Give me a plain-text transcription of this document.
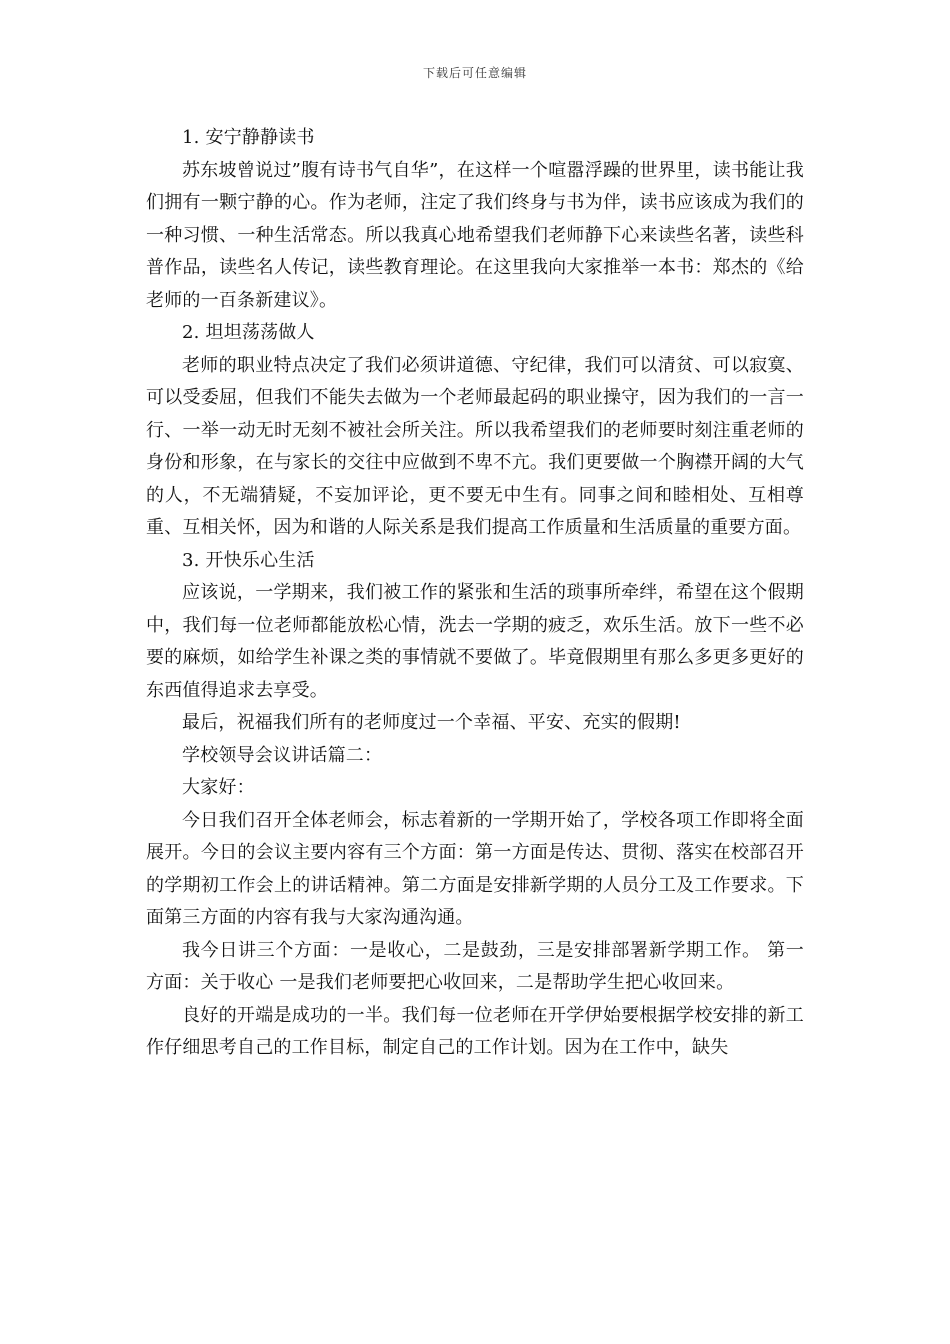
下载后可任意编辑

1. 安宁静静读书

苏东坡曾说过”腹有诗书气自华”，在这样一个喧嚣浮躁的世界里，读书能让我们拥有一颗宁静的心。作为老师，注定了我们终身与书为伴，读书应该成为我们的一种习惯、一种生活常态。所以我真心地希望我们老师静下心来读些名著，读些科普作品，读些名人传记，读些教育理论。在这里我向大家推举一本书：郑杰的《给老师的一百条新建议》。

2. 坦坦荡荡做人

老师的职业特点决定了我们必须讲道德、守纪律，我们可以清贫、可以寂寞、可以受委屈，但我们不能失去做为一个老师最起码的职业操守，因为我们的一言一行、一举一动无时无刻不被社会所关注。所以我希望我们的老师要时刻注重老师的身份和形象，在与家长的交往中应做到不卑不亢。我们更要做一个胸襟开阔的大气的人，不无端猜疑，不妄加评论，更不要无中生有。同事之间和睦相处、互相尊重、互相关怀，因为和谐的人际关系是我们提高工作质量和生活质量的重要方面。

3. 开快乐心生活

应该说，一学期来，我们被工作的紧张和生活的琐事所牵绊，希望在这个假期中，我们每一位老师都能放松心情，洗去一学期的疲乏，欢乐生活。放下一些不必要的麻烦，如给学生补课之类的事情就不要做了。毕竟假期里有那么多更多更好的东西值得追求去享受。

最后，祝福我们所有的老师度过一个幸福、平安、充实的假期!

学校领导会议讲话篇二：

大家好：

今日我们召开全体老师会，标志着新的一学期开始了，学校各项工作即将全面展开。今日的会议主要内容有三个方面：第一方面是传达、贯彻、落实在校部召开的学期初工作会上的讲话精神。第二方面是安排新学期的人员分工及工作要求。下面第三方面的内容有我与大家沟通沟通。

我今日讲三个方面：一是收心，二是鼓劲，三是安排部署新学期工作。 第一方面：关于收心 一是我们老师要把心收回来，二是帮助学生把心收回来。

良好的开端是成功的一半。我们每一位老师在开学伊始要根据学校安排的新工作仔细思考自己的工作目标，制定自己的工作计划。因为在工作中，缺失
